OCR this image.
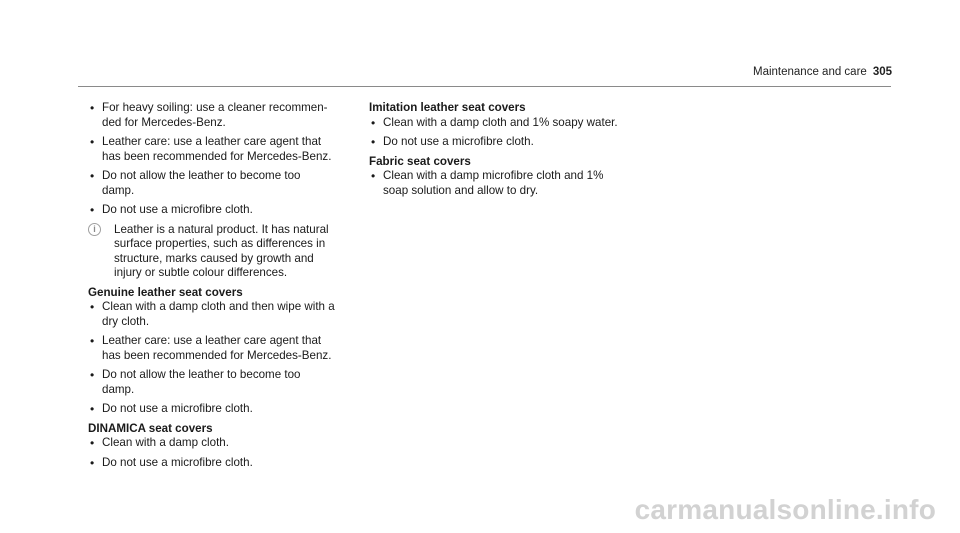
Maintenance and care 305
• For heavy soiling: use a cleaner recommen-
ded for Mercedes-Benz.
• Leather care: use a leather care agent that
has been recommended for Mercedes-Benz.
• Do not allow the leather to become too
damp.
• Do not use a microfibre cloth.
i	Leather is a natural product. It has natural
surface properties, such as differences in
structure, marks caused by growth and
injury or subtle colour differences.
Genuine leather seat covers
• Clean with a damp cloth and then wipe with a
dry cloth.
• Leather care: use a leather care agent that
has been recommended for Mercedes-Benz.
• Do not allow the leather to become too
damp.
• Do not use a microfibre cloth.
DINAMICA seat covers
• Clean with a damp cloth.
• Do not use a microfibre cloth.
Imitation leather seat covers
• Clean with a damp cloth and 1% soapy water.
• Do not use a microfibre cloth.
Fabric seat covers
• Clean with a damp microfibre cloth and 1%
soap solution and allow to dry.
carmanualsonline.info
